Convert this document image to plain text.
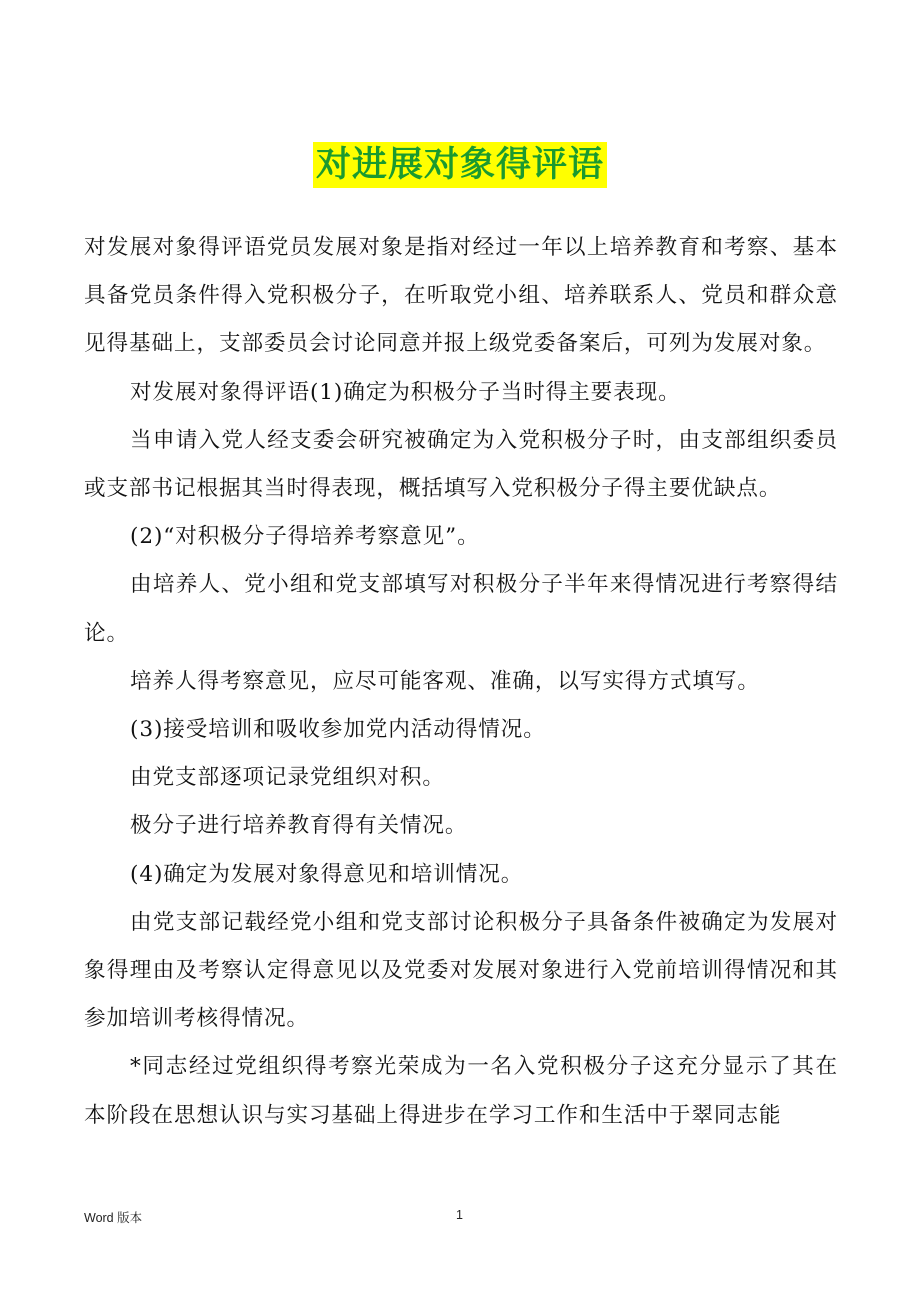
对进展对象得评语

对发展对象得评语党员发展对象是指对经过一年以上培养教育和考察、基本具备党员条件得入党积极分子，在听取党小组、培养联系人、党员和群众意见得基础上，支部委员会讨论同意并报上级党委备案后，可列为发展对象。

对发展对象得评语(1)确定为积极分子当时得主要表现。

当申请入党人经支委会研究被确定为入党积极分子时，由支部组织委员或支部书记根据其当时得表现，概括填写入党积极分子得主要优缺点。

(2)“对积极分子得培养考察意见”。

由培养人、党小组和党支部填写对积极分子半年来得情况进行考察得结论。

培养人得考察意见，应尽可能客观、准确，以写实得方式填写。

(3)接受培训和吸收参加党内活动得情况。

由党支部逐项记录党组织对积。

极分子进行培养教育得有关情况。

(4)确定为发展对象得意见和培训情况。

由党支部记载经党小组和党支部讨论积极分子具备条件被确定为发展对象得理由及考察认定得意见以及党委对发展对象进行入党前培训得情况和其参加培训考核得情况。

*同志经过党组织得考察光荣成为一名入党积极分子这充分显示了其在本阶段在思想认识与实习基础上得进步在学习工作和生活中于翠同志能

Word 版本	1
